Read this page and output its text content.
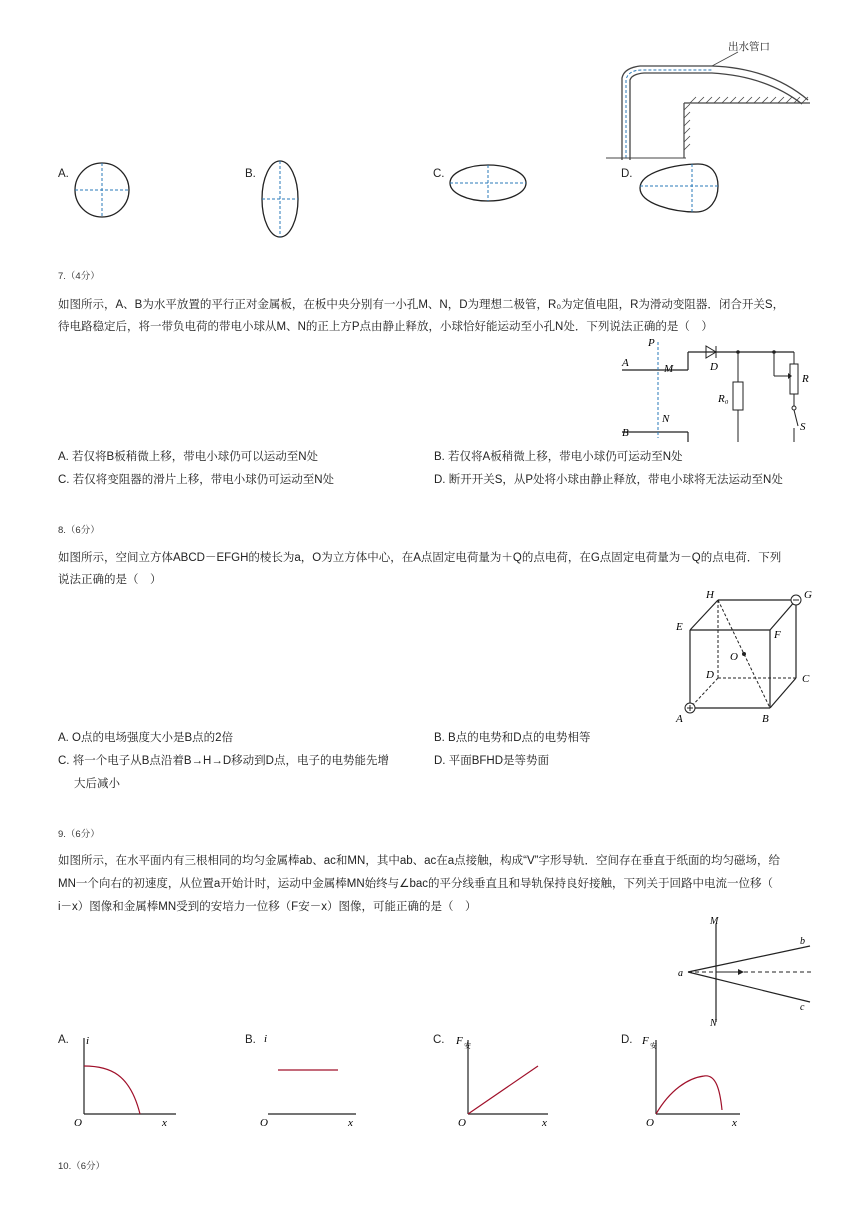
出水管口
A.	B.	C.	D.
7.（4分）
如图所示，A、B为水平放置的平行正对金属板，在板中央分别有一小孔M、N，D为理想二极管，R₀为定值电阻，R为滑动变阻器．闭合开关S，
待电路稳定后，将一带负电荷的带电小球从M、N的正上方P点由静止释放，小球恰好能运动至小孔N处．下列说法正确的是（　）
P
A	M	D
R₀
R
N
S
B
A. 若仅将B板稍微上移，带电小球仍可以运动至N处	B. 若仅将A板稍微上移，带电小球仍可运动至N处
C. 若仅将变阻器的滑片上移，带电小球仍可运动至N处	D. 断开开关S，从P处将小球由静止释放，带电小球将无法运动至N处
8.（6分）
如图所示，空间立方体ABCD－EFGH的棱长为a，O为立方体中心，在A点固定电荷量为＋Q的点电荷，在G点固定电荷量为－Q的点电荷．下列
说法正确的是（　）
H	G
E
F
O
D	C
A	B
A. O点的电场强度大小是B点的2倍	B. B点的电势和D点的电势相等
C. 将一个电子从B点沿着B→H→D移动到D点，电子的电势能先增
大后减小
D. 平面BFHD是等势面
9.（6分）
如图所示，在水平面内有三根相同的均匀金属棒ab、ac和MN，其中ab、ac在a点接触，构成“V”字形导轨．空间存在垂直于纸面的均匀磁场，给
MN一个向右的初速度，从位置a开始计时，运动中金属棒MN始终与∠bac的平分线垂直且和导轨保持良好接触，下列关于回路中电流一位移（
i－x）图像和金属棒MN受到的安培力一位移（F安－x）图像，可能正确的是（　）
M
N
a
b
c
A.	B.	C.	D.
O
i
x	O
i
x	O
F 安
x	O
F 安
x
10.（6分）
